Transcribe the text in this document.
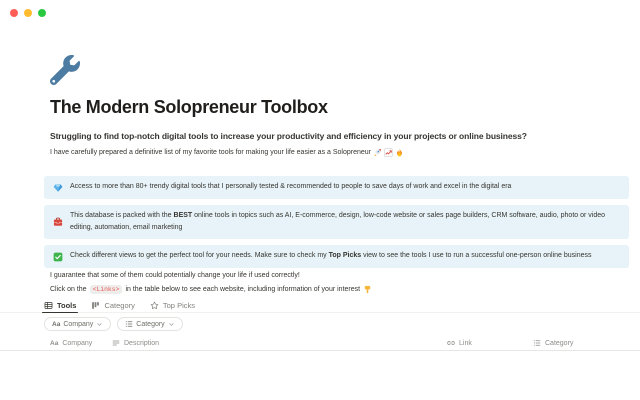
The Modern Solopreneur Toolbox

Struggling to find top-notch digital tools to increase your productivity and efficiency in your projects or online business?

I have carefully prepared a definitive list of my favorite tools for making your life easier as a Solopreneur

Access to more than 80+ trendy digital tools that I personally tested & recommended to people to save days of work and excel in the digital era
This database is packed with the BEST online tools in topics such as AI, E-commerce, design, low-code website or sales page builders, CRM software, audio, photo or video editing, automation, email marketing
Check different views to get the perfect tool for your needs. Make sure to check my Top Picks view to see the tools I use to run a successful one-person online business

I guarantee that some of them could potentially change your life if used correctly!

Click on the <Links> in the table below to see each website, including information of your interest

Tools	Category	Top Picks
Aa Company	Category
Aa Company	Description	Link	Category
